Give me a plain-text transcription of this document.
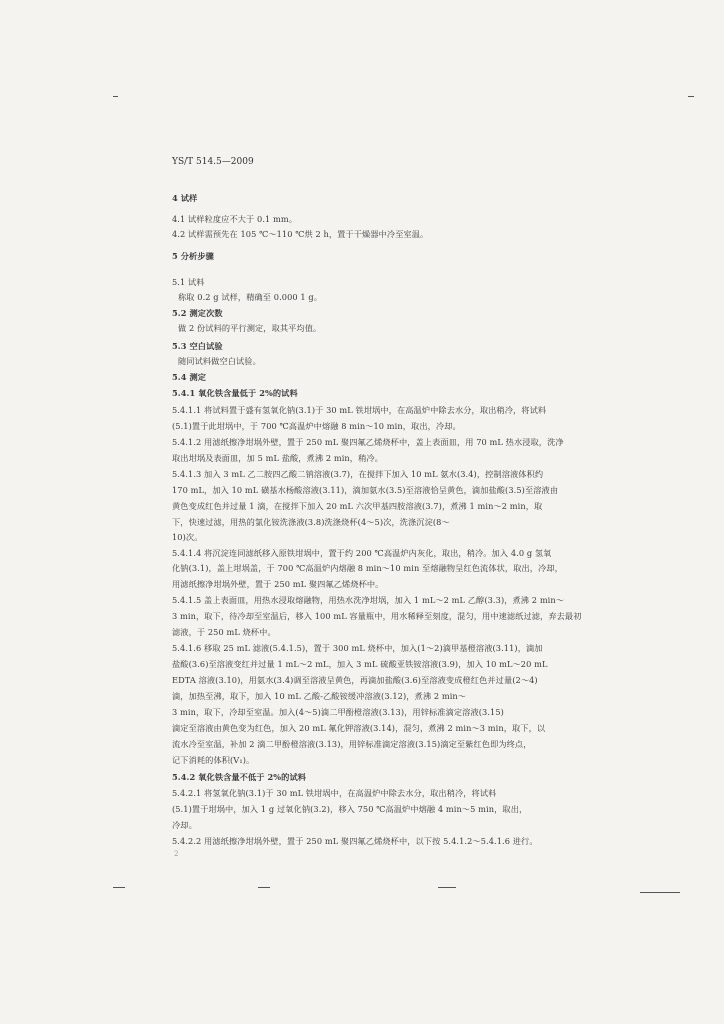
YS/T 514.5—2009
4 试样
4.1 试样粒度应不大于 0.1 mm。
4.2 试样需预先在 105 ℃～110 ℃烘 2 h，置于干燥器中冷至室温。
5 分析步骤
5.1 试料
称取 0.2 g 试样，精确至 0.000 1 g。
5.2 测定次数
做 2 份试料的平行测定，取其平均值。
5.3 空白试验
随同试料做空白试验。
5.4 测定
5.4.1 氧化铁含量低于 2%的试料
5.4.1.1 将试料置于盛有氢氧化钠(3.1)于 30 mL 铁坩埚中，在高温炉中除去水分，取出稍冷，将试料
(5.1)置于此坩埚中，于 700 ℃高温炉中熔融 8 min～10 min，取出，冷却。
5.4.1.2 用滤纸擦净坩埚外壁，置于 250 mL 聚四氟乙烯烧杯中，盖上表面皿，用 70 mL 热水浸取，洗净
取出坩埚及表面皿，加 5 mL 盐酸，煮沸 2 min，稍冷。
5.4.1.3 加入 3 mL 乙二胺四乙酸二钠溶液(3.7)，在搅拌下加入 10 mL 氨水(3.4)，控制溶液体积约
170 mL，加入 10 mL 磺基水杨酸溶液(3.11)，滴加氨水(3.5)至溶液恰呈黄色，滴加盐酸(3.5)至溶液由
黄色变成红色并过量 1 滴，在搅拌下加入 20 mL 六次甲基四胺溶液(3.7)，煮沸 1 min～2 min，取
下，快速过滤，用热的氯化铵洗涤液(3.8)洗涤烧杯(4～5)次，洗涤沉淀(8～
10)次。
5.4.1.4 将沉淀连同滤纸移入原铁坩埚中，置于约 200 ℃高温炉内灰化，取出，稍冷。加入 4.0 g 氢氧
化钠(3.1)，盖上坩埚盖，于 700 ℃高温炉内熔融 8 min～10 min 至熔融物呈红色流体状，取出，冷却，
用滤纸擦净坩埚外壁，置于 250 mL 聚四氟乙烯烧杯中。
5.4.1.5 盖上表面皿，用热水浸取熔融物，用热水洗净坩埚，加入 1 mL～2 mL 乙醇(3.3)，煮沸 2 min～
3 min，取下，待冷却至室温后，移入 100 mL 容量瓶中，用水稀释至刻度，混匀，用中速滤纸过滤，弃去最初
滤液，于 250 mL 烧杯中。
5.4.1.6 移取 25 mL 滤液(5.4.1.5)，置于 300 mL 烧杯中，加入(1～2)滴甲基橙溶液(3.11)，滴加
盐酸(3.6)至溶液变红并过量 1 mL～2 mL，加入 3 mL 硫酸亚铁铵溶液(3.9)，加入 10 mL～20 mL
EDTA 溶液(3.10)，用氨水(3.4)调至溶液呈黄色，再滴加盐酸(3.6)至溶液变成橙红色并过量(2～4)
滴，加热至沸，取下，加入 10 mL 乙酸-乙酸铵缓冲溶液(3.12)，煮沸 2 min～
3 min，取下，冷却至室温。加入(4～5)滴二甲酚橙溶液(3.13)，用锌标准滴定溶液(3.15)
滴定至溶液由黄色变为红色，加入 20 mL 氟化钾溶液(3.14)，混匀，煮沸 2 min～3 min，取下，以
流水冷至室温，补加 2 滴二甲酚橙溶液(3.13)，用锌标准滴定溶液(3.15)滴定至紫红色即为终点，
记下消耗的体积(V₁)。
5.4.2 氧化铁含量不低于 2%的试料
5.4.2.1 将氢氧化钠(3.1)于 30 mL 铁坩埚中，在高温炉中除去水分，取出稍冷，将试料
(5.1)置于坩埚中，加入 1 g 过氧化钠(3.2)，移入 750 ℃高温炉中熔融 4 min～5 min，取出，
冷却。
5.4.2.2 用滤纸擦净坩埚外壁，置于 250 mL 聚四氟乙烯烧杯中，以下按 5.4.1.2～5.4.1.6 进行。
2
